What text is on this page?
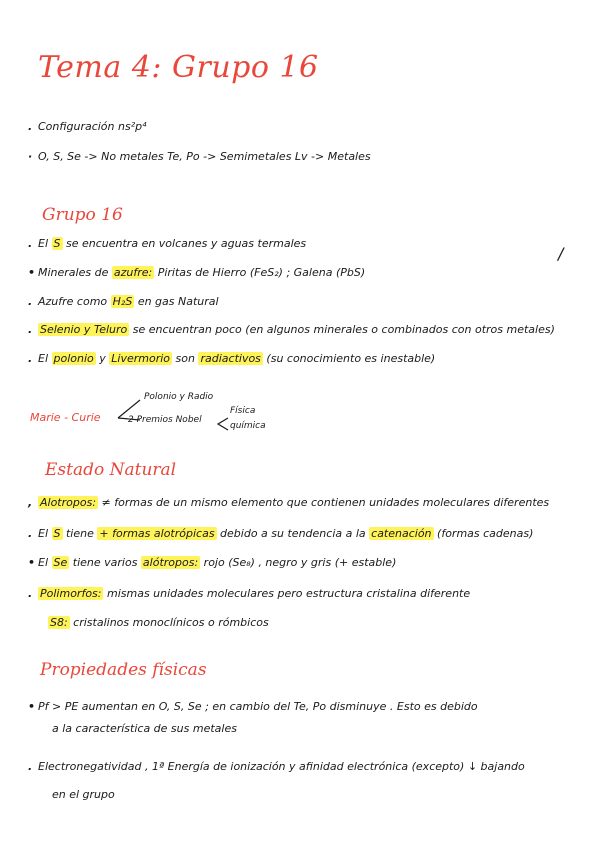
Tema 4: Grupo 16
. Configuración ns²p⁴
· O, S, Se -> No metales Te, Po -> Semimetales Lv -> Metales
Grupo 16
. El S se encuentra en volcanes y aguas termales
/
• Minerales de azufre: Piritas de Hierro (FeS₂) ; Galena (PbS)
. Azufre como H₂S en gas Natural
. Selenio y Teluro se encuentran poco (en algunos minerales o combinados con otros metales)
. El polonio y Livermorio son radiactivos (su conocimiento es inestable)
Marie - Curie
Polonio y Radio
2 Premios Nobel
Física
química
Estado Natural
, Alotropos: ≠ formas de un mismo elemento que contienen unidades moleculares diferentes
. El S tiene + formas alotrópicas debido a su tendencia a la catenación (formas cadenas)
• El Se tiene varios alótropos: rojo (Se₈) , negro y gris (+ estable)
. Polimorfos: mismas unidades moleculares pero estructura cristalina diferente
S8: cristalinos monoclínicos o rómbicos
Propiedades físicas
• Pf > PE aumentan en O, S, Se ; en cambio del Te, Po disminuye . Esto es debido
a la característica de sus metales
. Electronegatividad , 1ª Energía de ionización y afinidad electrónica (excepto) ↓ bajando
en el grupo
